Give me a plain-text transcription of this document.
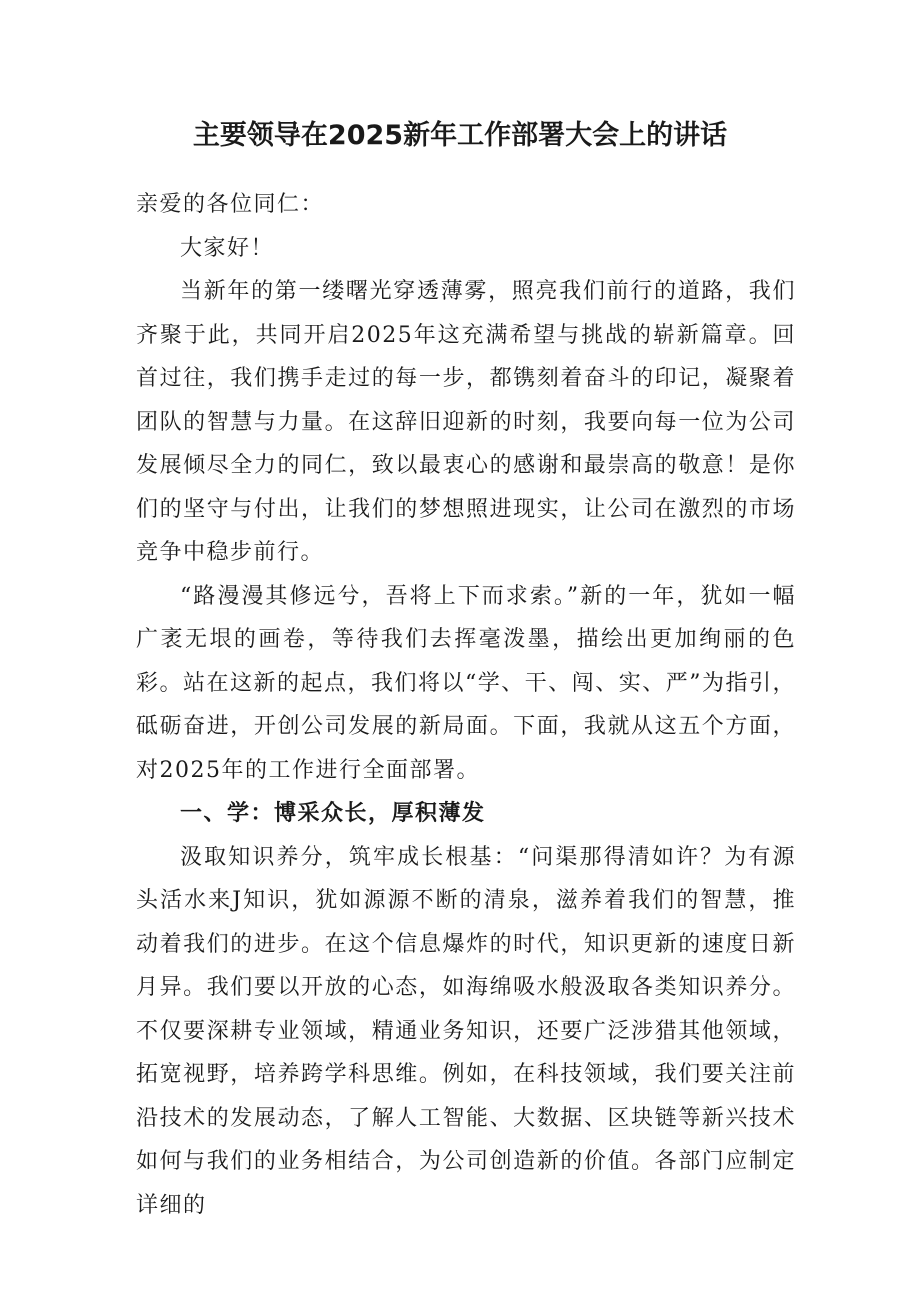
主要领导在2025新年工作部署大会上的讲话

亲爱的各位同仁：

大家好！

当新年的第一缕曙光穿透薄雾，照亮我们前行的道路，我们齐聚于此，共同开启2025年这充满希望与挑战的崭新篇章。回首过往，我们携手走过的每一步，都镌刻着奋斗的印记，凝聚着团队的智慧与力量。在这辞旧迎新的时刻，我要向每一位为公司发展倾尽全力的同仁，致以最衷心的感谢和最崇高的敬意！是你们的坚守与付出，让我们的梦想照进现实，让公司在激烈的市场竞争中稳步前行。

“路漫漫其修远兮，吾将上下而求索。”新的一年，犹如一幅广袤无垠的画卷，等待我们去挥毫泼墨，描绘出更加绚丽的色彩。站在这新的起点，我们将以“学、干、闯、实、严”为指引，砥砺奋进，开创公司发展的新局面。下面，我就从这五个方面，对2025年的工作进行全面部署。

一、学：博采众长，厚积薄发

汲取知识养分，筑牢成长根基：“问渠那得清如许？为有源头活水来J知识，犹如源源不断的清泉，滋养着我们的智慧，推动着我们的进步。在这个信息爆炸的时代，知识更新的速度日新月异。我们要以开放的心态，如海绵吸水般汲取各类知识养分。不仅要深耕专业领域，精通业务知识，还要广泛涉猎其他领域，拓宽视野，培养跨学科思维。例如，在科技领域，我们要关注前沿技术的发展动态，了解人工智能、大数据、区块链等新兴技术如何与我们的业务相结合，为公司创造新的价值。各部门应制定详细的
